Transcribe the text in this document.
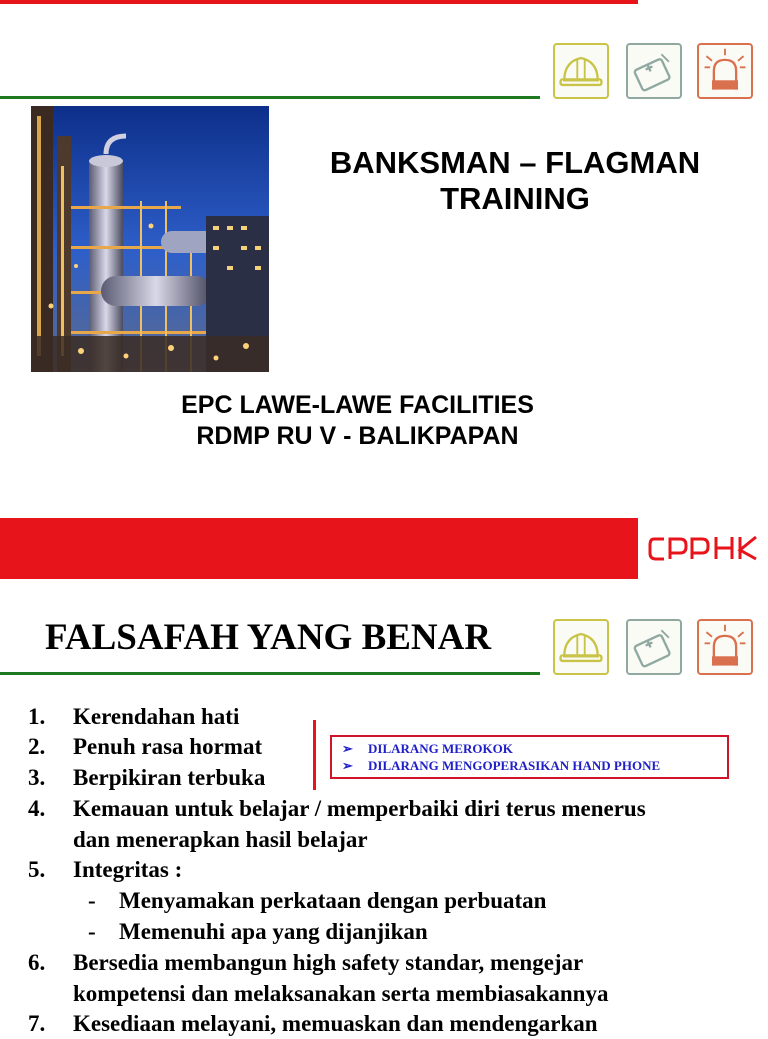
BANKSMAN – FLAGMAN
TRAINING
EPC LAWE-LAWE FACILITIES
RDMP RU V - BALIKPAPAN
FALSAFAH YANG BENAR
1. Kerendahan hati
2. Penuh rasa hormat
3. Berpikiran terbuka
4. Kemauan untuk belajar / memperbaiki diri terus menerus
dan menerapkan hasil belajar
5. Integritas :
- Menyamakan perkataan dengan perbuatan
- Memenuhi apa yang dijanjikan
6. Bersedia membangun high safety standar, mengejar
kompetensi dan melaksanakan serta membiasakannya
7. Kesediaan melayani, memuaskan dan mendengarkan
➢ DILARANG MEROKOK
➢ DILARANG MENGOPERASIKAN HAND PHONE
